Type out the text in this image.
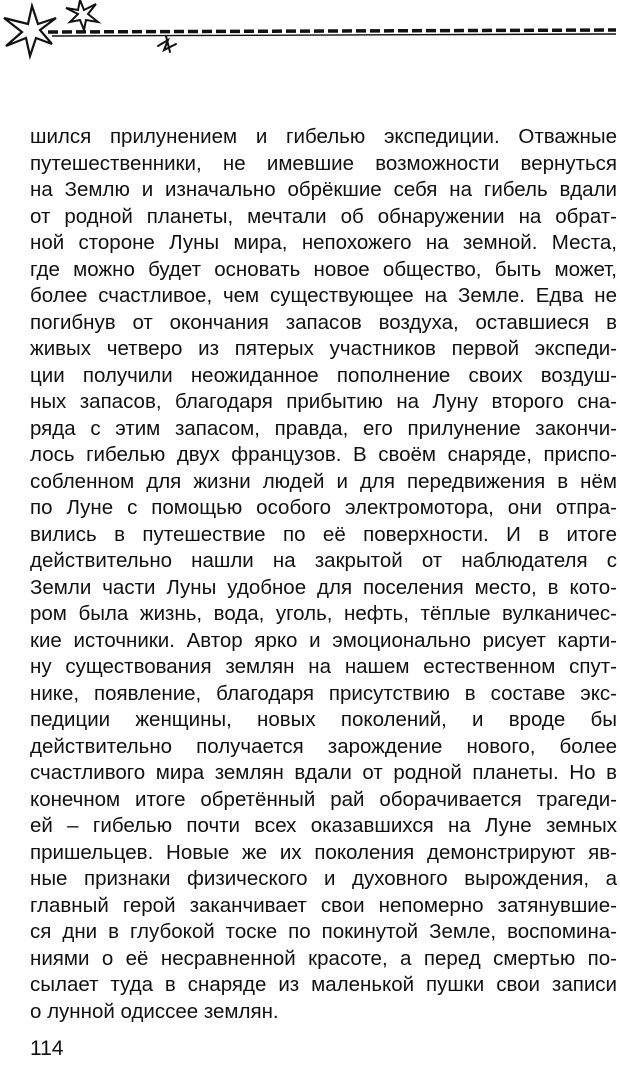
шился прилунением и гибелью экспедиции. Отважные
путешественники, не имевшие возможности вернуться
на Землю и изначально обрёкшие себя на гибель вдали
от родной планеты, мечтали об обнаружении на обрат-
ной стороне Луны мира, непохожего на земной. Места,
где можно будет основать новое общество, быть может,
более счастливое, чем существующее на Земле. Едва не
погибнув от окончания запасов воздуха, оставшиеся в
живых четверо из пятерых участников первой экспеди-
ции получили неожиданное пополнение своих воздуш-
ных запасов, благодаря прибытию на Луну второго сна-
ряда с этим запасом, правда, его прилунение закончи-
лось гибелью двух французов. В своём снаряде, приспо-
собленном для жизни людей и для передвижения в нём
по Луне с помощью особого электромотора, они отпра-
вились в путешествие по её поверхности. И в итоге
действительно нашли на закрытой от наблюдателя с
Земли части Луны удобное для поселения место, в кото-
ром была жизнь, вода, уголь, нефть, тёплые вулканичес-
кие источники. Автор ярко и эмоционально рисует карти-
ну существования землян на нашем естественном спут-
нике, появление, благодаря присутствию в составе экс-
педиции женщины, новых поколений, и вроде бы
действительно получается зарождение нового, более
счастливого мира землян вдали от родной планеты. Но в
конечном итоге обретённый рай оборачивается трагеди-
ей – гибелью почти всех оказавшихся на Луне земных
пришельцев. Новые же их поколения демонстрируют яв-
ные признаки физического и духовного вырождения, а
главный герой заканчивает свои непомерно затянувшие-
ся дни в глубокой тоске по покинутой Земле, воспомина-
ниями о её несравненной красоте, а перед смертью по-
сылает туда в снаряде из маленькой пушки свои записи
о лунной одиссее землян.
114
